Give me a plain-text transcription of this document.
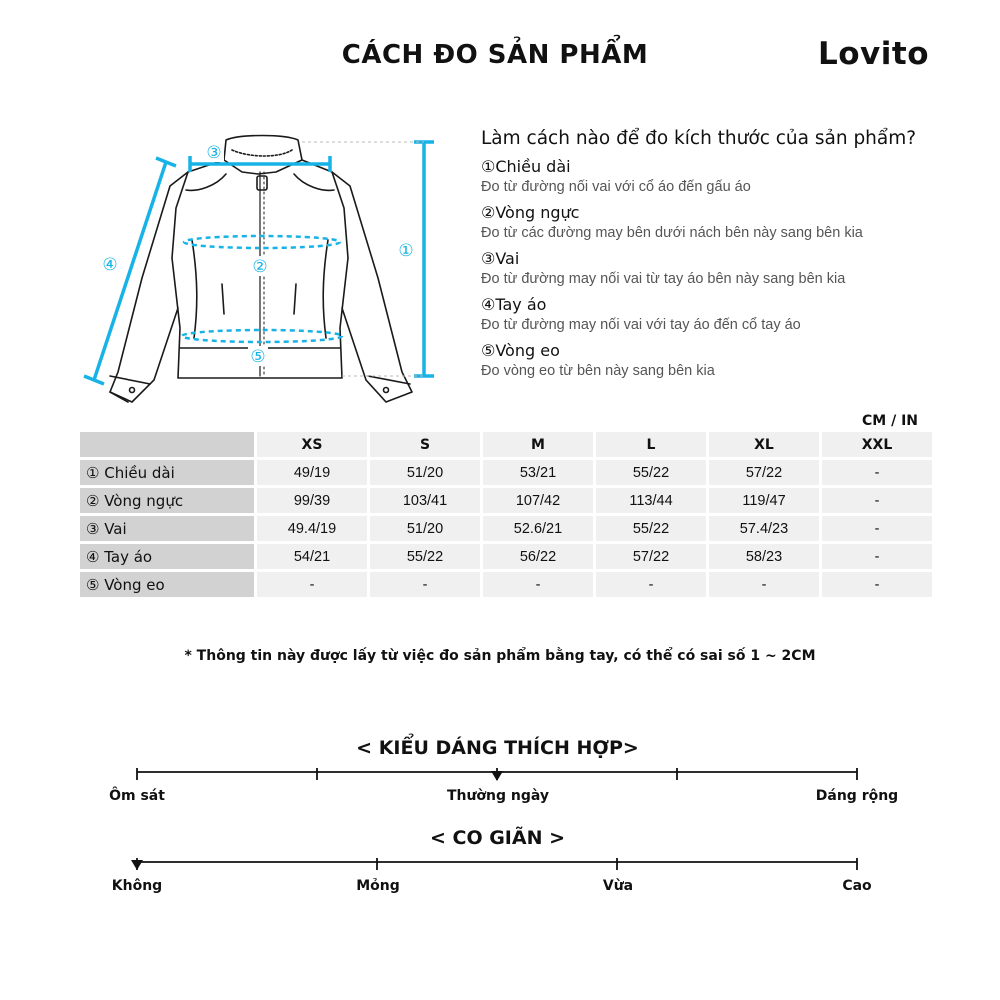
CÁCH ĐO SẢN PHẨM	Lovito
③
①
②
④
⑤
Làm cách nào để đo kích thước của sản phẩm?
①Chiều dài
Đo từ đường nối vai với cổ áo đến gấu áo
②Vòng ngực
Đo từ các đường may bên dưới nách bên này sang bên kia
③Vai
Đo từ đường may nối vai từ tay áo bên này sang bên kia
④Tay áo
Đo từ đường may nối vai với tay áo đến cổ tay áo
⑤Vòng eo
Đo vòng eo từ bên này sang bên kia
CM / IN
	XS	S	M	L	XL	XXL
① Chiều dài	49/19	51/20	53/21	55/22	57/22	-
② Vòng ngực	99/39	103/41	107/42	113/44	119/47	-
③ Vai	49.4/19	51/20	52.6/21	55/22	57.4/23	-
④ Tay áo	54/21	55/22	56/22	57/22	58/23	-
⑤ Vòng eo	-	-	-	-	-	-
* Thông tin này được lấy từ việc đo sản phẩm bằng tay, có thể có sai số 1 ~ 2CM
< KIỂU DÁNG THÍCH HỢP>
Ôm sát	Thường ngày	Dáng rộng
< CO GIÃN >
Không	Mỏng	Vừa	Cao
